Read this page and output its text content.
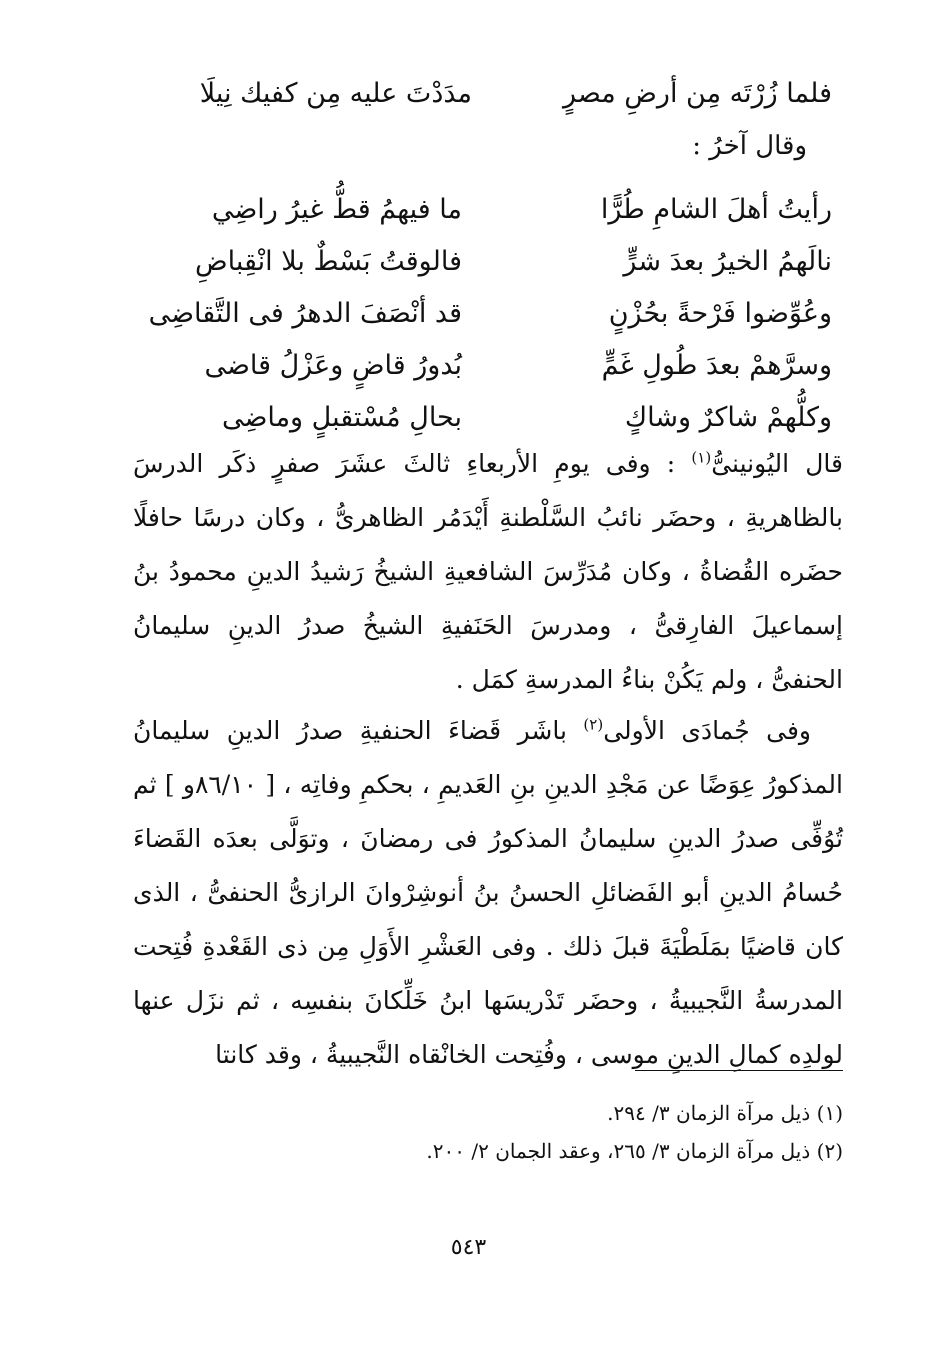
فلما زُرْتَه مِن أرضِ مصرٍ
مدَدْتَ عليه مِن كفيك نِيلَا
وقال آخرُ :
رأيتُ أهلَ الشامِ طُرًّا
ما فيهمُ قطُّ غيرُ راضِي
نالَهمُ الخيرُ بعدَ شرٍّ
فالوقتُ بَسْطٌ بلا انْقِباضِ
وعُوِّضوا فَرْحةً بحُزْنٍ
قد أنْصَفَ الدهرُ فى التَّقاضِى
وسرَّهمْ بعدَ طُولِ غَمٍّ
بُدورُ قاضٍ وعَزْلُ قاضى
وكلُّهمْ شاكرٌ وشاكٍ
بحالِ مُسْتقبلٍ وماضِى

قال اليُونينىُّ$^{(١)}$ : وفى يومِ الأربعاءِ ثالثَ عشَرَ صفرٍ ذكَر الدرسَ بالظاهريةِ ، وحضَر نائبُ السَّلْطنةِ أَيْدَمُر الظاهرىُّ ، وكان درسًا حافلًا حضَره القُضاةُ ، وكان مُدَرِّسَ الشافعيةِ الشيخُ رَشيدُ الدينِ محمودُ بنُ إسماعيلَ الفارِقىُّ ، ومدرسَ الحَنَفيةِ الشيخُ صدرُ الدينِ سليمانُ الحنفىُّ ، ولم يَكُنْ بناءُ المدرسةِ كمَل .

وفى جُمادَى الأولى$^{(٢)}$ باشَر قَضاءَ الحنفيةِ صدرُ الدينِ سليمانُ المذكورُ عِوَضًا عن مَجْدِ الدينِ بنِ العَديمِ ، بحكمِ وفاتِه ، [ ٨٦/١٠و ] ثم تُوُفِّى صدرُ الدينِ سليمانُ المذكورُ فى رمضانَ ، وتوَلَّى بعدَه القَضاءَ حُسامُ الدينِ أبو الفَضائلِ الحسنُ بنُ أنوشِرْوانَ الرازىُّ الحنفىُّ ، الذى كان قاضيًا بمَلَطْيَةَ قبلَ ذلك . وفى العَشْرِ الأَوَلِ مِن ذى القَعْدةِ فُتِحت المدرسةُ النَّجيبيةُ ، وحضَر تَدْريسَها ابنُ خَلِّكانَ بنفسِه ، ثم نزَل عنها لولدِه كمالِ الدينِ موسى ، وفُتِحت الخانْقاه النَّجيبيةُ ، وقد كانتا

(١) ذيل مرآة الزمان ٣/ ٢٩٤.
(٢) ذيل مرآة الزمان ٣/ ٢٦٥، وعقد الجمان ٢/ ٢٠٠.
٥٤٣
